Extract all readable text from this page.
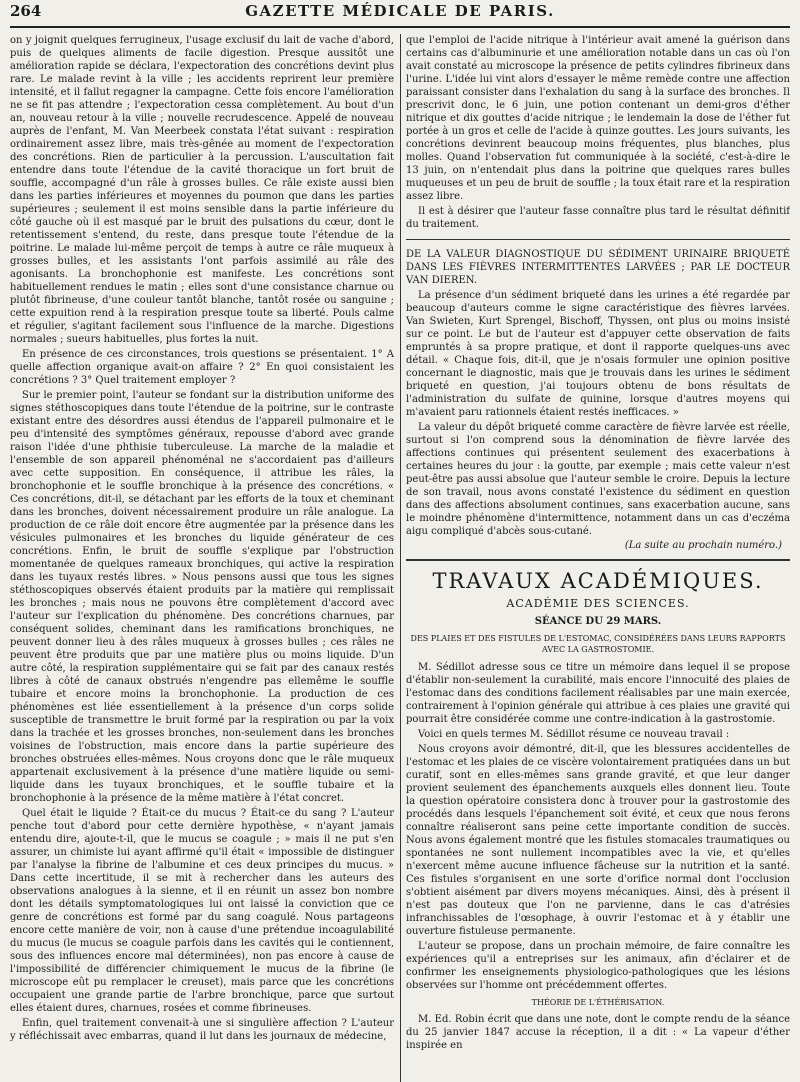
264	GAZETTE MÉDICALE DE PARIS.

on y joignit quelques ferrugineux, l'usage exclusif du lait de vache d'abord, puis de quelques aliments de facile digestion. Presque aussitôt une amélioration rapide se déclara, l'expectoration des concrétions devint plus rare. Le malade revint à la ville ; les accidents reprirent leur première intensité, et il fallut regagner la campagne. Cette fois encore l'amélioration ne se fit pas attendre ; l'expectoration cessa complètement. Au bout d'un an, nouveau retour à la ville ; nouvelle recrudescence. Appelé de nouveau auprès de l'enfant, M. Van Meerbeek constata l'état suivant : respiration ordinairement assez libre, mais très-gênée au moment de l'expectoration des concrétions. Rien de particulier à la percussion. L'auscultation fait entendre dans toute l'étendue de la cavité thoracique un fort bruit de souffle, accompagné d'un râle à grosses bulles. Ce râle existe aussi bien dans les parties inférieures et moyennes du poumon que dans les parties supérieures ; seulement il est moins sensible dans la partie inférieure du côté gauche où il est masqué par le bruit des pulsations du cœur, dont le retentissement s'entend, du reste, dans presque toute l'étendue de la poitrine. Le malade lui-même perçoit de temps à autre ce râle muqueux à grosses bulles, et les assistants l'ont parfois assimilé au râle des agonisants. La bronchophonie est manifeste. Les concrétions sont habituellement rendues le matin ; elles sont d'une consistance charnue ou plutôt fibrineuse, d'une couleur tantôt blanche, tantôt rosée ou sanguine ; cette expuition rend à la respiration presque toute sa liberté. Pouls calme et régulier, s'agitant facilement sous l'influence de la marche. Digestions normales ; sueurs habituelles, plus fortes la nuit.

En présence de ces circonstances, trois questions se présentaient. 1° A quelle affection organique avait-on affaire ? 2° En quoi consistaient les concrétions ? 3° Quel traitement employer ?

Sur le premier point, l'auteur se fondant sur la distribution uniforme des signes stéthoscopiques dans toute l'étendue de la poitrine, sur le contraste existant entre des désordres aussi étendus de l'appareil pulmonaire et le peu d'intensité des symptômes généraux, repousse d'abord avec grande raison l'idée d'une phthisie tuberculeuse. La marche de la maladie et l'ensemble de son appareil phénoménal ne s'accordaient pas d'ailleurs avec cette supposition. En conséquence, il attribue les râles, la bronchophonie et le souffle bronchique à la présence des concrétions. « Ces concrétions, dit-il, se détachant par les efforts de la toux et cheminant dans les bronches, doivent nécessairement produire un râle analogue. La production de ce râle doit encore être augmentée par la présence dans les vésicules pulmonaires et les bronches du liquide générateur de ces concrétions. Enfin, le bruit de souffle s'explique par l'obstruction momentanée de quelques rameaux bronchiques, qui active la respiration dans les tuyaux restés libres. » Nous pensons aussi que tous les signes stéthoscopiques observés étaient produits par la matière qui remplissait les bronches ; mais nous ne pouvons être complètement d'accord avec l'auteur sur l'explication du phénomène. Des concrétions charnues, par conséquent solides, cheminant dans les ramifications bronchiques, ne peuvent donner lieu à des râles muqueux à grosses bulles ; ces râles ne peuvent être produits que par une matière plus ou moins liquide. D'un autre côté, la respiration supplémentaire qui se fait par des canaux restés libres à côté de canaux obstrués n'engendre pas ellemême le souffle tubaire et encore moins la bronchophonie. La production de ces phénomènes est liée essentiellement à la présence d'un corps solide susceptible de transmettre le bruit formé par la respiration ou par la voix dans la trachée et les grosses bronches, non-seulement dans les bronches voisines de l'obstruction, mais encore dans la partie supérieure des bronches obstruées elles-mêmes. Nous croyons donc que le râle muqueux appartenait exclusivement à la présence d'une matière liquide ou semi-liquide dans les tuyaux bronchiques, et le souffle tubaire et la bronchophonie à la présence de la même matière à l'état concret.

Quel était le liquide ? Était-ce du mucus ? Était-ce du sang ? L'auteur penche tout d'abord pour cette dernière hypothèse, « n'ayant jamais entendu dire, ajoute-t-il, que le mucus se coagule ; » mais il ne put s'en assurer, un chimiste lui ayant affirmé qu'il était « impossible de distinguer par l'analyse la fibrine de l'albumine et ces deux principes du mucus. » Dans cette incertitude, il se mit à rechercher dans les auteurs des observations analogues à la sienne, et il en réunit un assez bon nombre dont les détails symptomatologiques lui ont laissé la conviction que ce genre de concrétions est formé par du sang coagulé. Nous partageons encore cette manière de voir, non à cause d'une prétendue incoagulabilité du mucus (le mucus se coagule parfois dans les cavités qui le contiennent, sous des influences encore mal déterminées), non pas encore à cause de l'impossibilité de différencier chimiquement le mucus de la fibrine (le microscope eût pu remplacer le creuset), mais parce que les concrétions occupaient une grande partie de l'arbre bronchique, parce que surtout elles étaient dures, charnues, rosées et comme fibrineuses.

Enfin, quel traitement convenait-à une si singulière affection ? L'auteur y réfléchissait avec embarras, quand il lut dans les journaux de médecine,

que l'emploi de l'acide nitrique à l'intérieur avait amené la guérison dans certains cas d'albuminurie et une amélioration notable dans un cas où l'on avait constaté au microscope la présence de petits cylindres fibrineux dans l'urine. L'idée lui vint alors d'essayer le même remède contre une affection paraissant consister dans l'exhalation du sang à la surface des bronches. Il prescrivit donc, le 6 juin, une potion contenant un demi-gros d'éther nitrique et dix gouttes d'acide nitrique ; le lendemain la dose de l'éther fut portée à un gros et celle de l'acide à quinze gouttes. Les jours suivants, les concrétions devinrent beaucoup moins fréquentes, plus blanches, plus molles. Quand l'observation fut communiquée à la société, c'est-à-dire le 13 juin, on n'entendait plus dans la poitrine que quelques rares bulles muqueuses et un peu de bruit de souffle ; la toux était rare et la respiration assez libre.

Il est à désirer que l'auteur fasse connaître plus tard le résultat définitif du traitement.

DE LA VALEUR DIAGNOSTIQUE DU SÉDIMENT URINAIRE BRIQUETÉ DANS LES FIÈVRES INTERMITTENTES LARVÉES ; PAR LE DOCTEUR VAN DIEREN.

La présence d'un sédiment briqueté dans les urines a été regardée par beaucoup d'auteurs comme le signe caractéristique des fièvres larvées. Van Swieten, Kurt Sprengel, Bischoff, Thyssen, ont plus ou moins insisté sur ce point. Le but de l'auteur est d'appuyer cette observation de faits empruntés à sa propre pratique, et dont il rapporte quelques-uns avec détail. « Chaque fois, dit-il, que je n'osais formuler une opinion positive concernant le diagnostic, mais que je trouvais dans les urines le sédiment briqueté en question, j'ai toujours obtenu de bons résultats de l'administration du sulfate de quinine, lorsque d'autres moyens qui m'avaient paru rationnels étaient restés inefficaces. »

La valeur du dépôt briqueté comme caractère de fièvre larvée est réelle, surtout si l'on comprend sous la dénomination de fièvre larvée des affections continues qui présentent seulement des exacerbations à certaines heures du jour : la goutte, par exemple ; mais cette valeur n'est peut-être pas aussi absolue que l'auteur semble le croire. Depuis la lecture de son travail, nous avons constaté l'existence du sédiment en question dans des affections absolument continues, sans exacerbation aucune, sans le moindre phénomène d'intermittence, notamment dans un cas d'eczéma aigu compliqué d'abcès sous-cutané.

(La suite au prochain numéro.)
TRAVAUX ACADÉMIQUES.
ACADÉMIE DES SCIENCES.
SÉANCE DU 29 MARS.
DES PLAIES ET DES FISTULES DE L'ESTOMAC, CONSIDÉRÉES DANS LEURS RAPPORTS AVEC LA GASTROSTOMIE.

M. Sédillot adresse sous ce titre un mémoire dans lequel il se propose d'établir non-seulement la curabilité, mais encore l'innocuité des plaies de l'estomac dans des conditions facilement réalisables par une main exercée, contrairement à l'opinion générale qui attribue à ces plaies une gravité qui pourrait être considérée comme une contre-indication à la gastrostomie.

Voici en quels termes M. Sédillot résume ce nouveau travail :

Nous croyons avoir démontré, dit-il, que les blessures accidentelles de l'estomac et les plaies de ce viscère volontairement pratiquées dans un but curatif, sont en elles-mêmes sans grande gravité, et que leur danger provient seulement des épanchements auxquels elles donnent lieu. Toute la question opératoire consistera donc à trouver pour la gastrostomie des procédés dans lesquels l'épanchement soit évité, et ceux que nous ferons connaître réaliseront sans peine cette importante condition de succès. Nous avons également montré que les fistules stomacales traumatiques ou spontanées ne sont nullement incompatibles avec la vie, et qu'elles n'exercent même aucune influence fâcheuse sur la nutrition et la santé. Ces fistules s'organisent en une sorte d'orifice normal dont l'occlusion s'obtient aisément par divers moyens mécaniques. Ainsi, dès à présent il n'est pas douteux que l'on ne parvienne, dans le cas d'atrésies infranchissables de l'œsophage, à ouvrir l'estomac et à y établir une ouverture fistuleuse permanente.

L'auteur se propose, dans un prochain mémoire, de faire connaître les expériences qu'il a entreprises sur les animaux, afin d'éclairer et de confirmer les enseignements physiologico-pathologiques que les lésions observées sur l'homme ont précédemment offertes.

THÉORIE DE L'ÉTHÉRISATION.

M. Ed. Robin écrit que dans une note, dont le compte rendu de la séance du 25 janvier 1847 accuse la réception, il a dit : « La vapeur d'éther inspirée en
